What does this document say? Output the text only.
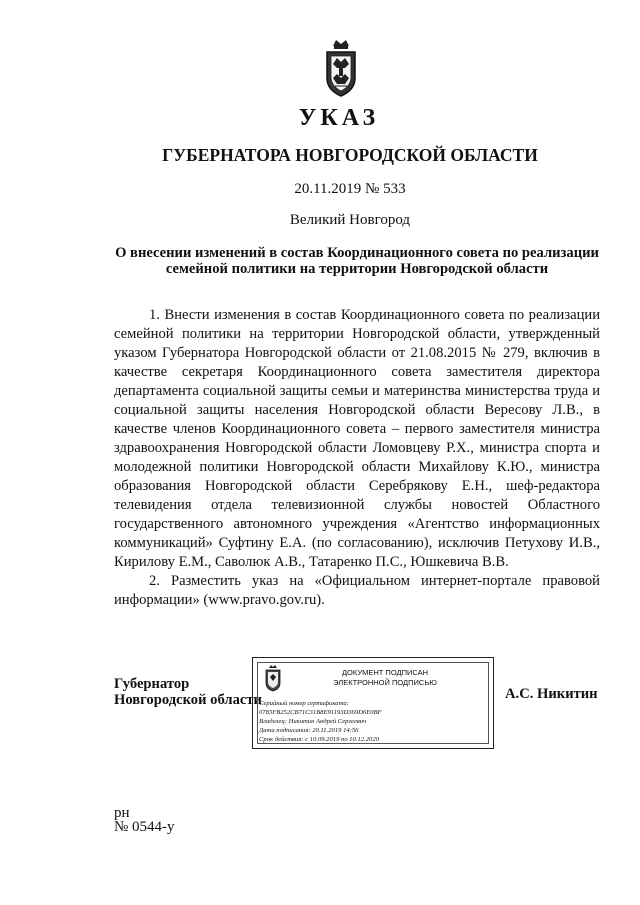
УКАЗ
ГУБЕРНАТОРА НОВГОРОДСКОЙ ОБЛАСТИ
20.11.2019 № 533
Великий Новгород
О внесении изменений в состав Координационного совета по реализации
семейной политики на территории Новгородской области

1. Внести изменения в состав Координационного совета по реализации семейной политики на территории Новгородской области, утвержденный указом Губернатора Новгородской области от 21.08.2015 № 279, включив в качестве секретаря Координационного совета заместителя директора департамента социальной защиты семьи и материнства министерства труда и социальной защиты населения Новгородской области Вересову Л.В., в качестве членов Координационного совета – первого заместителя министра здравоохранения Новгородской области Ломовцеву Р.Х., министра спорта и молодежной политики Новгородской области Михайлову К.Ю., министра образования Новгородской области Серебрякову Е.Н., шеф-редактора телевидения отдела телевизионной службы новостей Областного государственного автономного учреждения «Агентство информационных коммуникаций» Суфтину Е.А. (по согласованию), исключив Петухову И.В., Кирилову Е.М., Саволюк А.В., Татаренко П.С., Юшкевича В.В.

2. Разместить указ на «Официальном интернет-портале правовой информации» (www.pravo.gov.ru).

Губернатор
Новгородской области
ДОКУМЕНТ ПОДПИСАН
ЭЛЕКТРОННОЙ ПОДПИСЬЮ
Серийный номер сертификата:
0783FB252CB71C31B8E91193D369D6E0BF
Владелец: Никитин Андрей Сергеевич
Дата подписания: 20.11.2019 14:56
Срок действия: с 10.09.2019 по 10.12.2020
А.С. Никитин
рн
№ 0544-у
